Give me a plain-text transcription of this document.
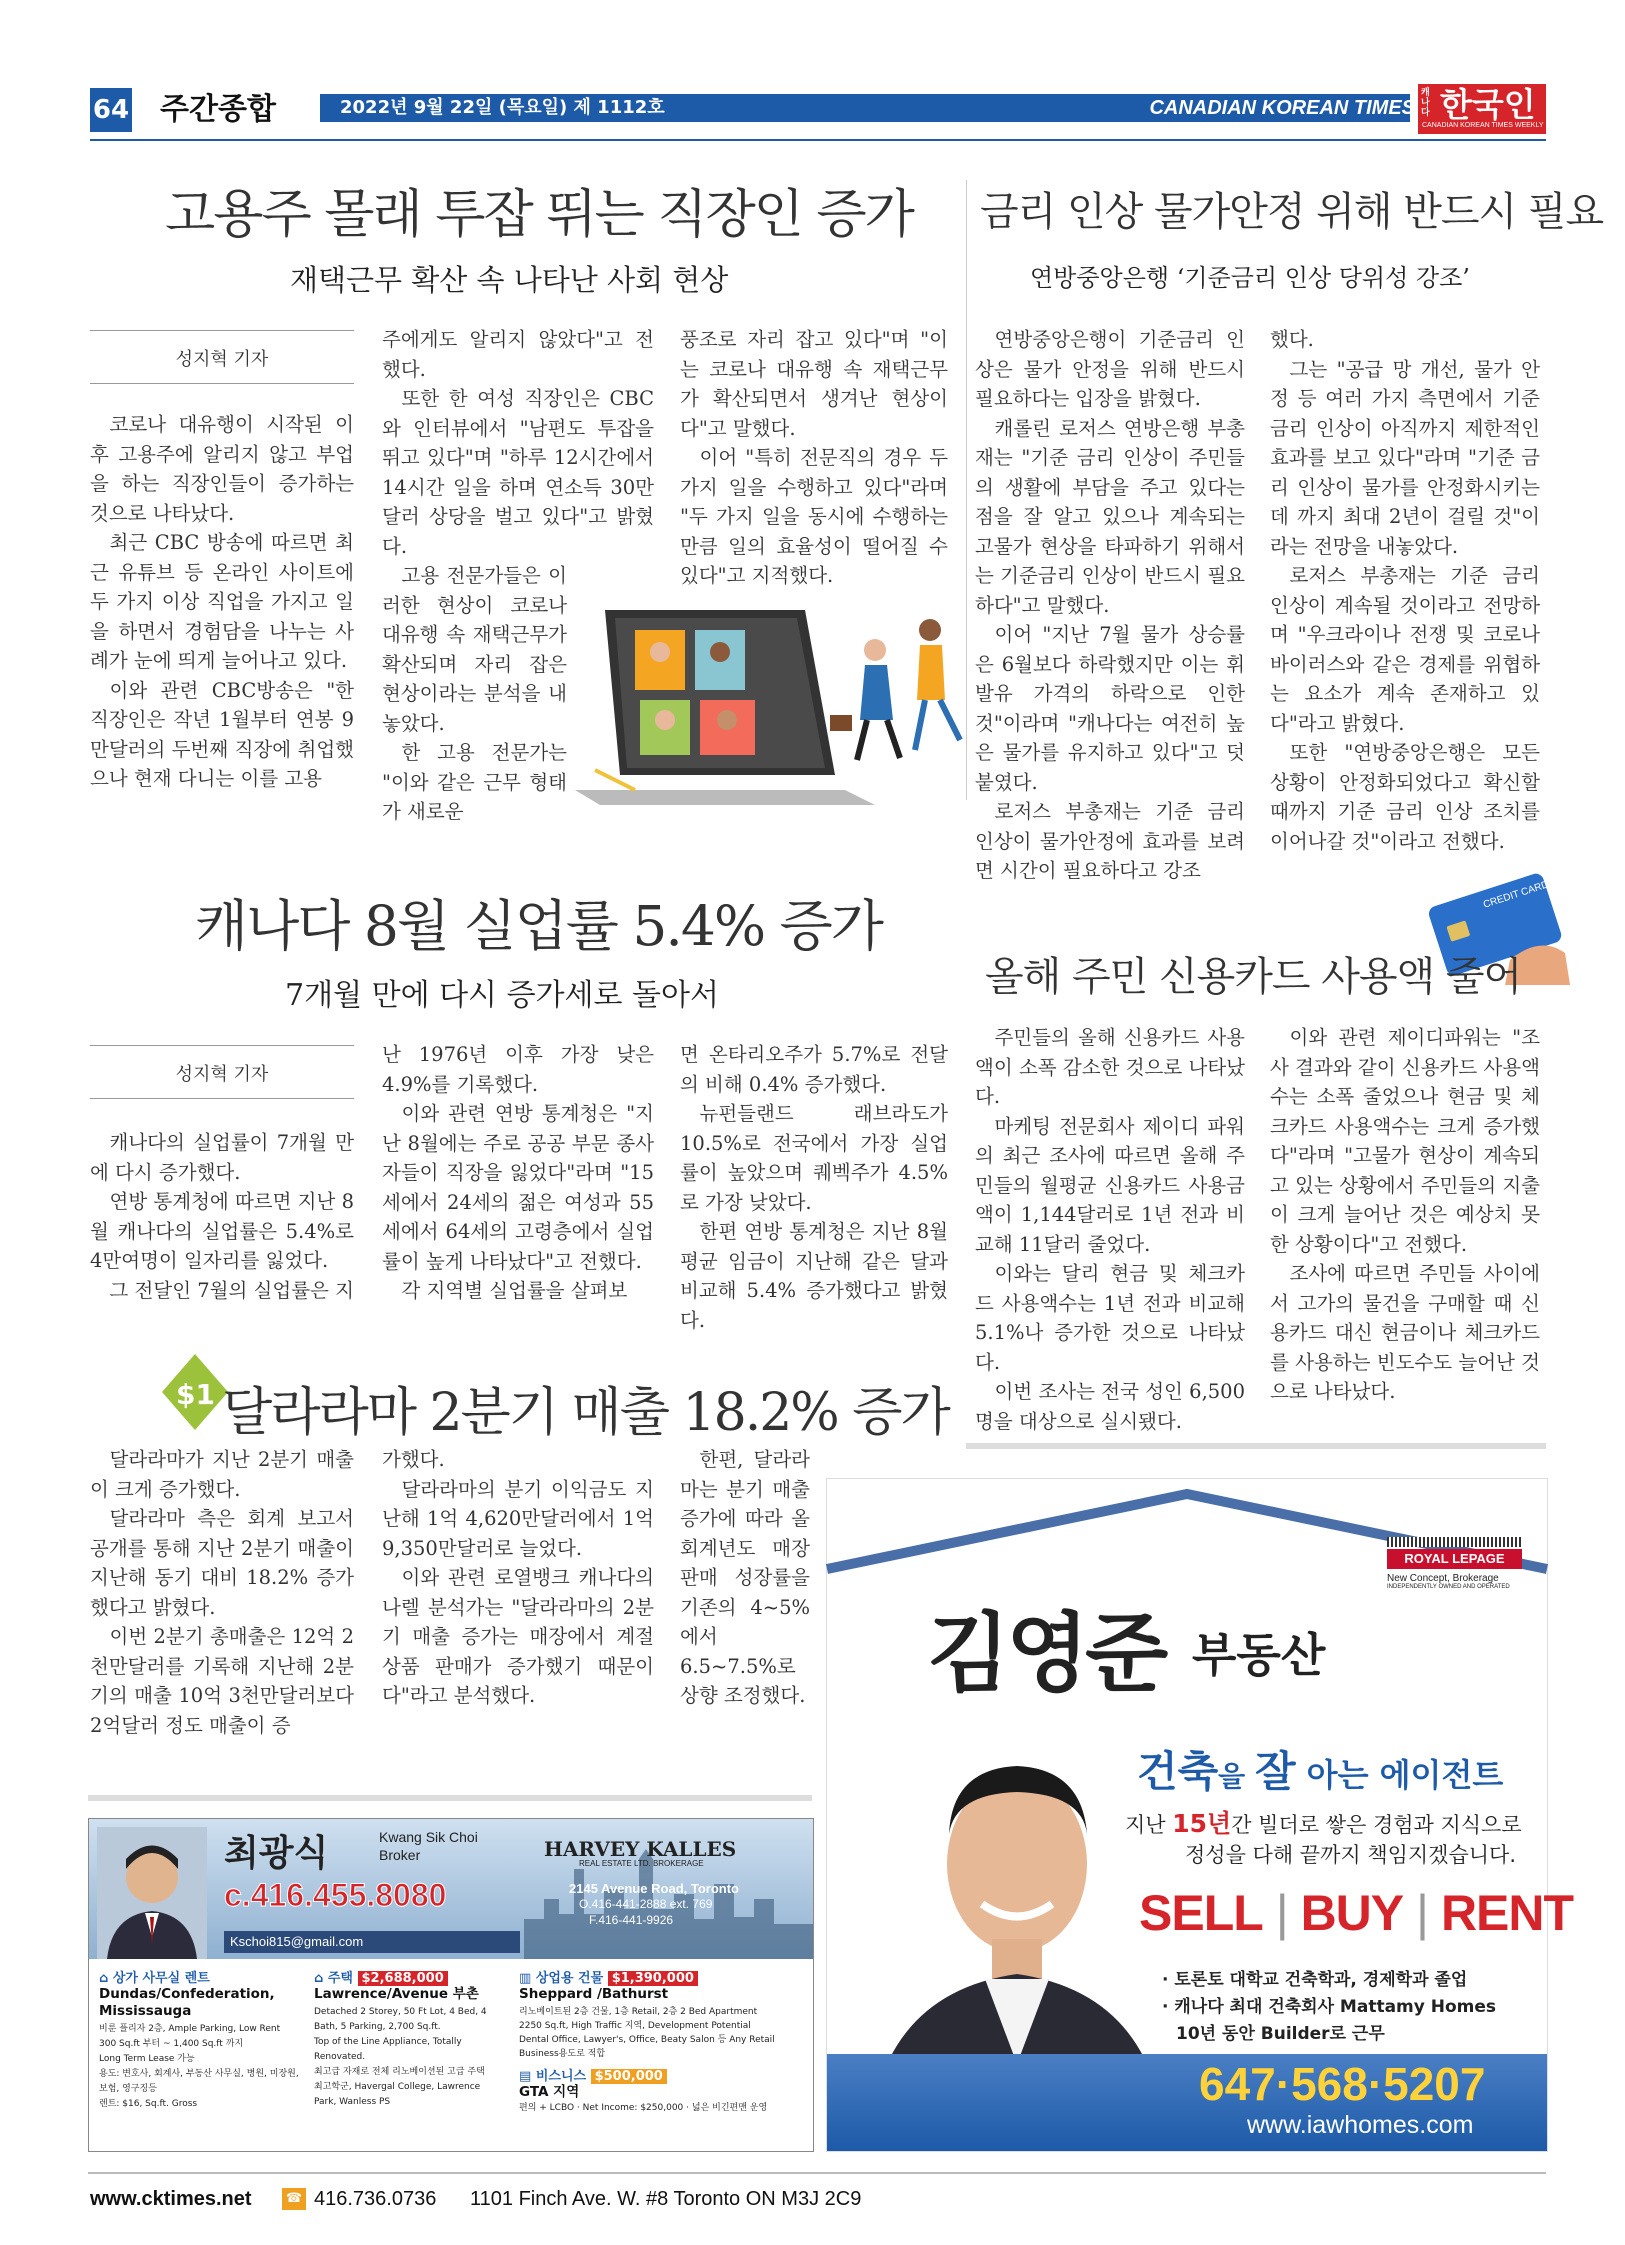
64 주간종합	2022년 9월 22일 (목요일) 제 1112호	CANADIAN KOREAN TIMES
캐나다 한국인
CANADIAN KOREAN TIMES WEEKLY
고용주 몰래 투잡 뛰는 직장인 증가
재택근무 확산 속 나타난 사회 현상
성지혁 기자

코로나 대유행이 시작된 이후 고용주에 알리지 않고 부업을 하는 직장인들이 증가하는 것으로 나타났다.

최근 CBC 방송에 따르면 최근 유튜브 등 온라인 사이트에 두 가지 이상 직업을 가지고 일을 하면서 경험담을 나누는 사례가 눈에 띄게 늘어나고 있다.

이와 관련 CBC방송은 "한 직장인은 작년 1월부터 연봉 9만달러의 두번째 직장에 취업했으나 현재 다니는 이를 고용

주에게도 알리지 않았다"고 전했다.

또한 한 여성 직장인은 CBC와 인터뷰에서 "남편도 투잡을 뛰고 있다"며 "하루 12시간에서 14시간 일을 하며 연소득 30만달러 상당을 벌고 있다"고 밝혔다.

고용 전문가들은 이러한 현상이 코로나 대유행 속 재택근무가 확산되며 자리 잡은 현상이라는 분석을 내놓았다.

한 고용 전문가는 "이와 같은 근무 형태가 새로운

풍조로 자리 잡고 있다"며 "이는 코로나 대유행 속 재택근무가 확산되면서 생겨난 현상이다"고 말했다.

이어 "특히 전문직의 경우 두 가지 일을 수행하고 있다"라며 "두 가지 일을 동시에 수행하는 만큼 일의 효율성이 떨어질 수 있다"고 지적했다.

금리 인상 물가안정 위해 반드시 필요
연방중앙은행 ‘기준금리 인상 당위성 강조’

연방중앙은행이 기준금리 인상은 물가 안정을 위해 반드시 필요하다는 입장을 밝혔다.

캐롤린 로저스 연방은행 부총재는 "기준 금리 인상이 주민들의 생활에 부담을 주고 있다는 점을 잘 알고 있으나 계속되는 고물가 현상을 타파하기 위해서는 기준금리 인상이 반드시 필요하다"고 말했다.

이어 "지난 7월 물가 상승률은 6월보다 하락했지만 이는 휘발유 가격의 하락으로 인한 것"이라며 "캐나다는 여전히 높은 물가를 유지하고 있다"고 덧붙였다.

로저스 부총재는 기준 금리 인상이 물가안정에 효과를 보려면 시간이 필요하다고 강조

했다.

그는 "공급 망 개선, 물가 안정 등 여러 가지 측면에서 기준 금리 인상이 아직까지 제한적인 효과를 보고 있다"라며 "기준 금리 인상이 물가를 안정화시키는 데 까지 최대 2년이 걸릴 것"이라는 전망을 내놓았다.

로저스 부총재는 기준 금리 인상이 계속될 것이라고 전망하며 "우크라이나 전쟁 및 코로나 바이러스와 같은 경제를 위협하는 요소가 계속 존재하고 있다"라고 밝혔다.

또한 "연방중앙은행은 모든 상황이 안정화되었다고 확신할 때까지 기준 금리 인상 조치를 이어나갈 것"이라고 전했다.

캐나다 8월 실업률 5.4% 증가
7개월 만에 다시 증가세로 돌아서
성지혁 기자

캐나다의 실업률이 7개월 만에 다시 증가했다.

연방 통계청에 따르면 지난 8월 캐나다의 실업률은 5.4%로 4만여명이 일자리를 잃었다.

그 전달인 7월의 실업률은 지

난 1976년 이후 가장 낮은 4.9%를 기록했다.

이와 관련 연방 통계청은 "지난 8월에는 주로 공공 부문 종사자들이 직장을 잃었다"라며 "15세에서 24세의 젊은 여성과 55세에서 64세의 고령층에서 실업률이 높게 나타났다"고 전했다.

각 지역별 실업률을 살펴보

면 온타리오주가 5.7%로 전달의 비해 0.4% 증가했다.

뉴펀들랜드 래브라도가 10.5%로 전국에서 가장 실업률이 높았으며 퀘벡주가 4.5%로 가장 낮았다.

한편 연방 통계청은 지난 8월 평균 임금이 지난해 같은 달과 비교해 5.4% 증가했다고 밝혔다.

CREDIT CARD
올해 주민 신용카드 사용액 줄어

주민들의 올해 신용카드 사용액이 소폭 감소한 것으로 나타났다.

마케팅 전문회사 제이디 파워의 최근 조사에 따르면 올해 주민들의 월평균 신용카드 사용금액이 1,144달러로 1년 전과 비교해 11달러 줄었다.

이와는 달리 현금 및 체크카드 사용액수는 1년 전과 비교해 5.1%나 증가한 것으로 나타났다.

이번 조사는 전국 성인 6,500명을 대상으로 실시됐다.

이와 관련 제이디파워는 "조사 결과와 같이 신용카드 사용액수는 소폭 줄었으나 현금 및 체크카드 사용액수는 크게 증가했다"라며 "고물가 현상이 계속되고 있는 상황에서 주민들의 지출이 크게 늘어난 것은 예상치 못한 상황이다"고 전했다.

조사에 따르면 주민들 사이에서 고가의 물건을 구매할 때 신용카드 대신 현금이나 체크카드를 사용하는 빈도수도 늘어난 것으로 나타났다.

$1 달라라마 2분기 매출 18.2% 증가

달라라마가 지난 2분기 매출이 크게 증가했다.

달라라마 측은 회계 보고서 공개를 통해 지난 2분기 매출이 지난해 동기 대비 18.2% 증가했다고 밝혔다.

이번 2분기 총매출은 12억 2천만달러를 기록해 지난해 2분기의 매출 10억 3천만달러보다 2억달러 정도 매출이 증

가했다.

달라라마의 분기 이익금도 지난해 1억 4,620만달러에서 1억 9,350만달러로 늘었다.

이와 관련 로열뱅크 캐나다의 나렐 분석가는 "달라라마의 2분기 매출 증가는 매장에서 계절 상품 판매가 증가했기 때문이다"라고 분석했다.

한편, 달라라마는 분기 매출 증가에 따라 올 회계년도 매장 판매 성장률을 기존의 4~5%에서 6.5~7.5%로 상향 조정했다.

최광식	Kwang Sik Choi
Broker
c.416.455.8080
HARVEY KALLES
REAL ESTATE LTD. BROKERAGE
2145 Avenue Road, Toronto
O.416-441-2888 ext. 769
F.416-441-9926
Kschoi815@gmail.com
⌂ 상가 사무실 렌트
Dundas/Confederation, Mississauga
비룬 플리자 2층, Ample Parking, Low Rent
300 Sq.ft 부터 ~ 1,400 Sq.ft 까지
Long Term Lease 가능
용도: 변호사, 회계사, 부동산 사무실, 병원, 미장원, 보험, 영구징등
렌트: $16, Sq.ft. Gross
⌂ 주택 $2,688,000
Lawrence/Avenue 부촌
Detached 2 Storey, 50 Ft Lot, 4 Bed, 4 Bath, 5 Parking, 2,700 Sq.ft.
Top of the Line Appliance, Totally Renovated.
최고급 자재로 전체 리노베이션된 고급 주택
최고학군, Havergal College, Lawrence Park, Wanless PS
▥ 상업용 건물 $1,390,000
Sheppard /Bathurst
리노베이트된 2층 건물, 1층 Retail, 2층 2 Bed Apartment
2250 Sq.ft, High Traffic 지역, Development Potential
Dental Office, Lawyer's, Office, Beaty Salon 등 Any Retail Business용도로 적합
▤ 비스니스 $500,000
GTA 지역
편의 + LCBO · Net Income: $250,000 · 넓은 비긴편맨 운영
ROYAL LEPAGE
New Concept, Brokerage
INDEPENDENTLY OWNED AND OPERATED
김영준 부동산
건축을 잘 아는 에이전트
지난 15년간 빌더로 쌓은 경험과 지식으로
정성을 다해 끝까지 책임지겠습니다.
SELL | BUY | RENT
· 토론토 대학교 건축학과, 경제학과 졸업
· 캐나다 최대 건축회사 Mattamy Homes
10년 동안 Builder로 근무
647·568·5207
www.iawhomes.com
www.cktimes.net	☎ 416.736.0736 1101 Finch Ave. W. #8 Toronto ON M3J 2C9
